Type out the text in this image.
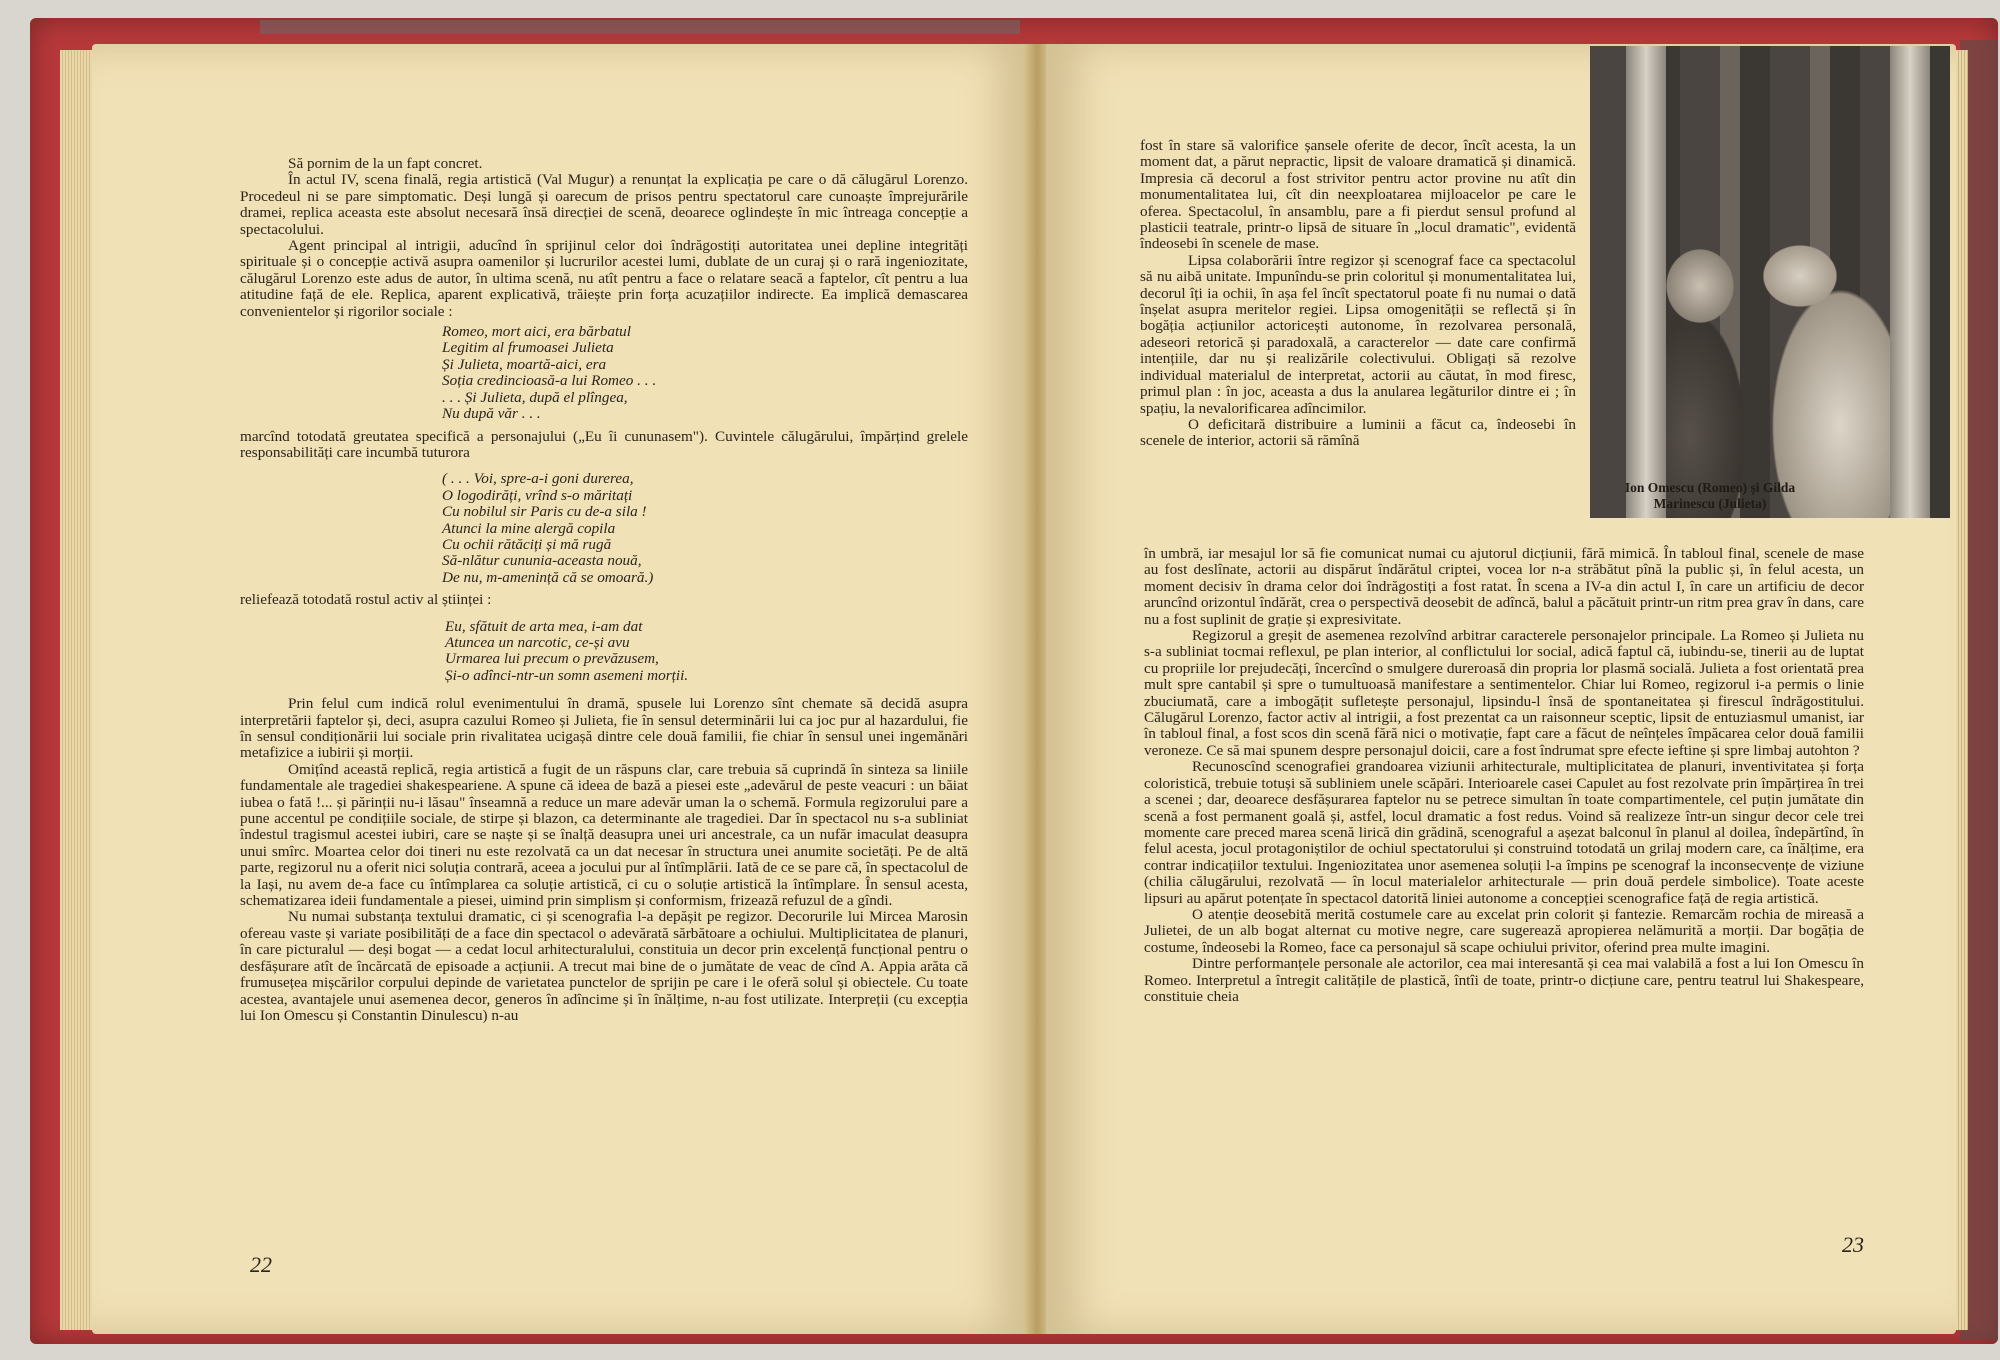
Să pornim de la un fapt concret.

În actul IV, scena finală, regia artistică (Val Mugur) a renunțat la explicația pe care o dă călugărul Lorenzo. Procedeul ni se pare simptomatic. Deși lungă și oarecum de prisos pentru spectatorul care cunoaște împrejurările dramei, replica aceasta este absolut necesară însă direcției de scenă, deoarece oglindește în mic întreaga concepție a spectacolului.

Agent principal al intrigii, aducînd în sprijinul celor doi îndrăgostiți autoritatea unei depline integrități spirituale și o concepție activă asupra oamenilor și lucrurilor acestei lumi, dublate de un curaj și o rară ingeniozitate, călugărul Lorenzo este adus de autor, în ultima scenă, nu atît pentru a face o relatare seacă a faptelor, cît pentru a lua atitudine față de ele. Replica, aparent explicativă, trăiește prin forța acuzațiilor indirecte. Ea implică demascarea convenientelor și rigorilor sociale :

Romeo, mort aici, era bărbatul
Legitim al frumoasei Julieta
Și Julieta, moartă-aici, era
Soția credincioasă-a lui Romeo . . .
. . . Și Julieta, după el plîngea,
Nu după văr . . .

marcînd totodată greutatea specifică a personajului („Eu îi cununasem"). Cuvintele călugărului, împărțind grelele responsabilități care incumbă tuturora

( . . . Voi, spre-a-i goni durerea,
O logodirăți, vrînd s-o măritați
Cu nobilul sir Paris cu de-a sila !
Atunci la mine alergă copila
Cu ochii rătăciți și mă rugă
Să-nlătur cununia-aceasta nouă,
De nu, m-amenință că se omoară.)

reliefează totodată rostul activ al științei :

Eu, sfătuit de arta mea, i-am dat
Atuncea un narcotic, ce-și avu
Urmarea lui precum o prevăzusem,
Și-o adînci-ntr-un somn asemeni morții.

Prin felul cum indică rolul evenimentului în dramă, spusele lui Lorenzo sînt chemate să decidă asupra interpretării faptelor și, deci, asupra cazului Romeo și Julieta, fie în sensul determinării lui ca joc pur al hazardului, fie în sensul condiționării lui sociale prin rivalitatea ucigașă dintre cele două familii, fie chiar în sensul unei ingemănări metafizice a iubirii și morții.

Omițînd această replică, regia artistică a fugit de un răspuns clar, care trebuia să cuprindă în sinteza sa liniile fundamentale ale tragediei shakespeariene. A spune că ideea de bază a piesei este „adevărul de peste veacuri : un băiat iubea o fată !... și părinții nu-i lăsau" înseamnă a reduce un mare adevăr uman la o schemă. Formula regizorului pare a pune accentul pe condițiile sociale, de stirpe și blazon, ca determinante ale tragediei. Dar în spectacol nu s-a subliniat îndestul tragismul acestei iubiri, care se naște și se înalță deasupra unei uri ancestrale, ca un nufăr imaculat deasupra unui smîrc. Moartea celor doi tineri nu este rezolvată ca un dat necesar în structura unei anumite societăți. Pe de altă parte, regizorul nu a oferit nici soluția contrară, aceea a jocului pur al întîmplării. Iată de ce se pare că, în spectacolul de la Iași, nu avem de-a face cu întîmplarea ca soluție artistică, ci cu o soluție artistică la întîmplare. În sensul acesta, schematizarea ideii fundamentale a piesei, uimind prin simplism și conformism, frizează refuzul de a gîndi.

Nu numai substanța textului dramatic, ci și scenografia l-a depășit pe regizor. Decorurile lui Mircea Marosin ofereau vaste și variate posibilități de a face din spectacol o adevărată sărbătoare a ochiului. Multiplicitatea de planuri, în care picturalul — deși bogat — a cedat locul arhitecturalului, constituia un decor prin excelență funcțional pentru o desfășurare atît de încărcată de episoade a acțiunii. A trecut mai bine de o jumătate de veac de cînd A. Appia arăta că frumusețea mișcărilor corpului depinde de varietatea punctelor de sprijin pe care i le oferă solul și obiectele. Cu toate acestea, avantajele unui asemenea decor, generos în adîncime și în înălțime, n-au fost utilizate. Interpreții (cu excepția lui Ion Omescu și Constantin Dinulescu) n-au

22
Ion Omescu (Romeo) și Gilda Marinescu (Julieta)

fost în stare să valorifice șansele oferite de decor, încît acesta, la un moment dat, a părut nepractic, lipsit de valoare dramatică și dinamică. Impresia că decorul a fost strivitor pentru actor provine nu atît din monumentalitatea lui, cît din neexploatarea mijloacelor pe care le oferea. Spectacolul, în ansamblu, pare a fi pierdut sensul profund al plasticii teatrale, printr-o lipsă de situare în „locul dramatic", evidentă îndeosebi în scenele de mase.

Lipsa colaborării între regizor și scenograf face ca spectacolul să nu aibă unitate. Impunîndu-se prin coloritul și monumentalitatea lui, decorul îți ia ochii, în așa fel încît spectatorul poate fi nu numai o dată înșelat asupra meritelor regiei. Lipsa omogenității se reflectă și în bogăția acțiunilor actoricești autonome, în rezolvarea personală, adeseori retorică și paradoxală, a caracterelor — date care confirmă intențiile, dar nu și realizările colectivului. Obligați să rezolve individual materialul de interpretat, actorii au căutat, în mod firesc, primul plan : în joc, aceasta a dus la anularea legăturilor dintre ei ; în spațiu, la nevalorificarea adîncimilor.

O deficitară distribuire a luminii a făcut ca, îndeosebi în scenele de interior, actorii să rămînă

în umbră, iar mesajul lor să fie comunicat numai cu ajutorul dicțiunii, fără mimică. În tabloul final, scenele de mase au fost deslînate, actorii au dispărut îndărătul criptei, vocea lor n-a străbătut pînă la public și, în felul acesta, un moment decisiv în drama celor doi îndrăgostiți a fost ratat. În scena a IV-a din actul I, în care un artificiu de decor aruncînd orizontul îndărăt, crea o perspectivă deosebit de adîncă, balul a păcătuit printr-un ritm prea grav în dans, care nu a fost suplinit de grație și expresivitate.

Regizorul a greșit de asemenea rezolvînd arbitrar caracterele personajelor principale. La Romeo și Julieta nu s-a subliniat tocmai reflexul, pe plan interior, al conflictului lor social, adică faptul că, iubindu-se, tinerii au de luptat cu propriile lor prejudecăți, încercînd o smulgere dureroasă din propria lor plasmă socială. Julieta a fost orientată prea mult spre cantabil și spre o tumultuoasă manifestare a sentimentelor. Chiar lui Romeo, regizorul i-a permis o linie zbuciumată, care a imbogățit sufletește personajul, lipsindu-l însă de spontaneitatea și firescul îndrăgostitului. Călugărul Lorenzo, factor activ al intrigii, a fost prezentat ca un raisonneur sceptic, lipsit de entuziasmul umanist, iar în tabloul final, a fost scos din scenă fără nici o motivație, fapt care a făcut de neînțeles împăcarea celor două familii veroneze. Ce să mai spunem despre personajul doicii, care a fost îndrumat spre efecte ieftine și spre limbaj autohton ?

Recunoscînd scenografiei grandoarea viziunii arhitecturale, multiplicitatea de planuri, inventivitatea și forța coloristică, trebuie totuși să subliniem unele scăpări. Interioarele casei Capulet au fost rezolvate prin împărțirea în trei a scenei ; dar, deoarece desfășurarea faptelor nu se petrece simultan în toate compartimentele, cel puțin jumătate din scenă a fost permanent goală și, astfel, locul dramatic a fost redus. Voind să realizeze într-un singur decor cele trei momente care preced marea scenă lirică din grădină, scenograful a așezat balconul în planul al doilea, îndepărtînd, în felul acesta, jocul protagoniștilor de ochiul spectatorului și construind totodată un grilaj modern care, ca înălțime, era contrar indicațiilor textului. Ingeniozitatea unor asemenea soluții l-a împins pe scenograf la inconsecvențe de viziune (chilia călugărului, rezolvată — în locul materialelor arhitecturale — prin două perdele simbolice). Toate aceste lipsuri au apărut potențate în spectacol datorită liniei autonome a concepției scenografice față de regia artistică.

O atenție deosebită merită costumele care au excelat prin colorit și fantezie. Remarcăm rochia de mireasă a Julietei, de un alb bogat alternat cu motive negre, care sugerează apropierea nelămurită a morții. Dar bogăția de costume, îndeosebi la Romeo, face ca personajul să scape ochiului privitor, oferind prea multe imagini.

Dintre performanțele personale ale actorilor, cea mai interesantă și cea mai valabilă a fost a lui Ion Omescu în Romeo. Interpretul a întregit calitățile de plastică, întîi de toate, printr-o dicțiune care, pentru teatrul lui Shakespeare, constituie cheia

23
